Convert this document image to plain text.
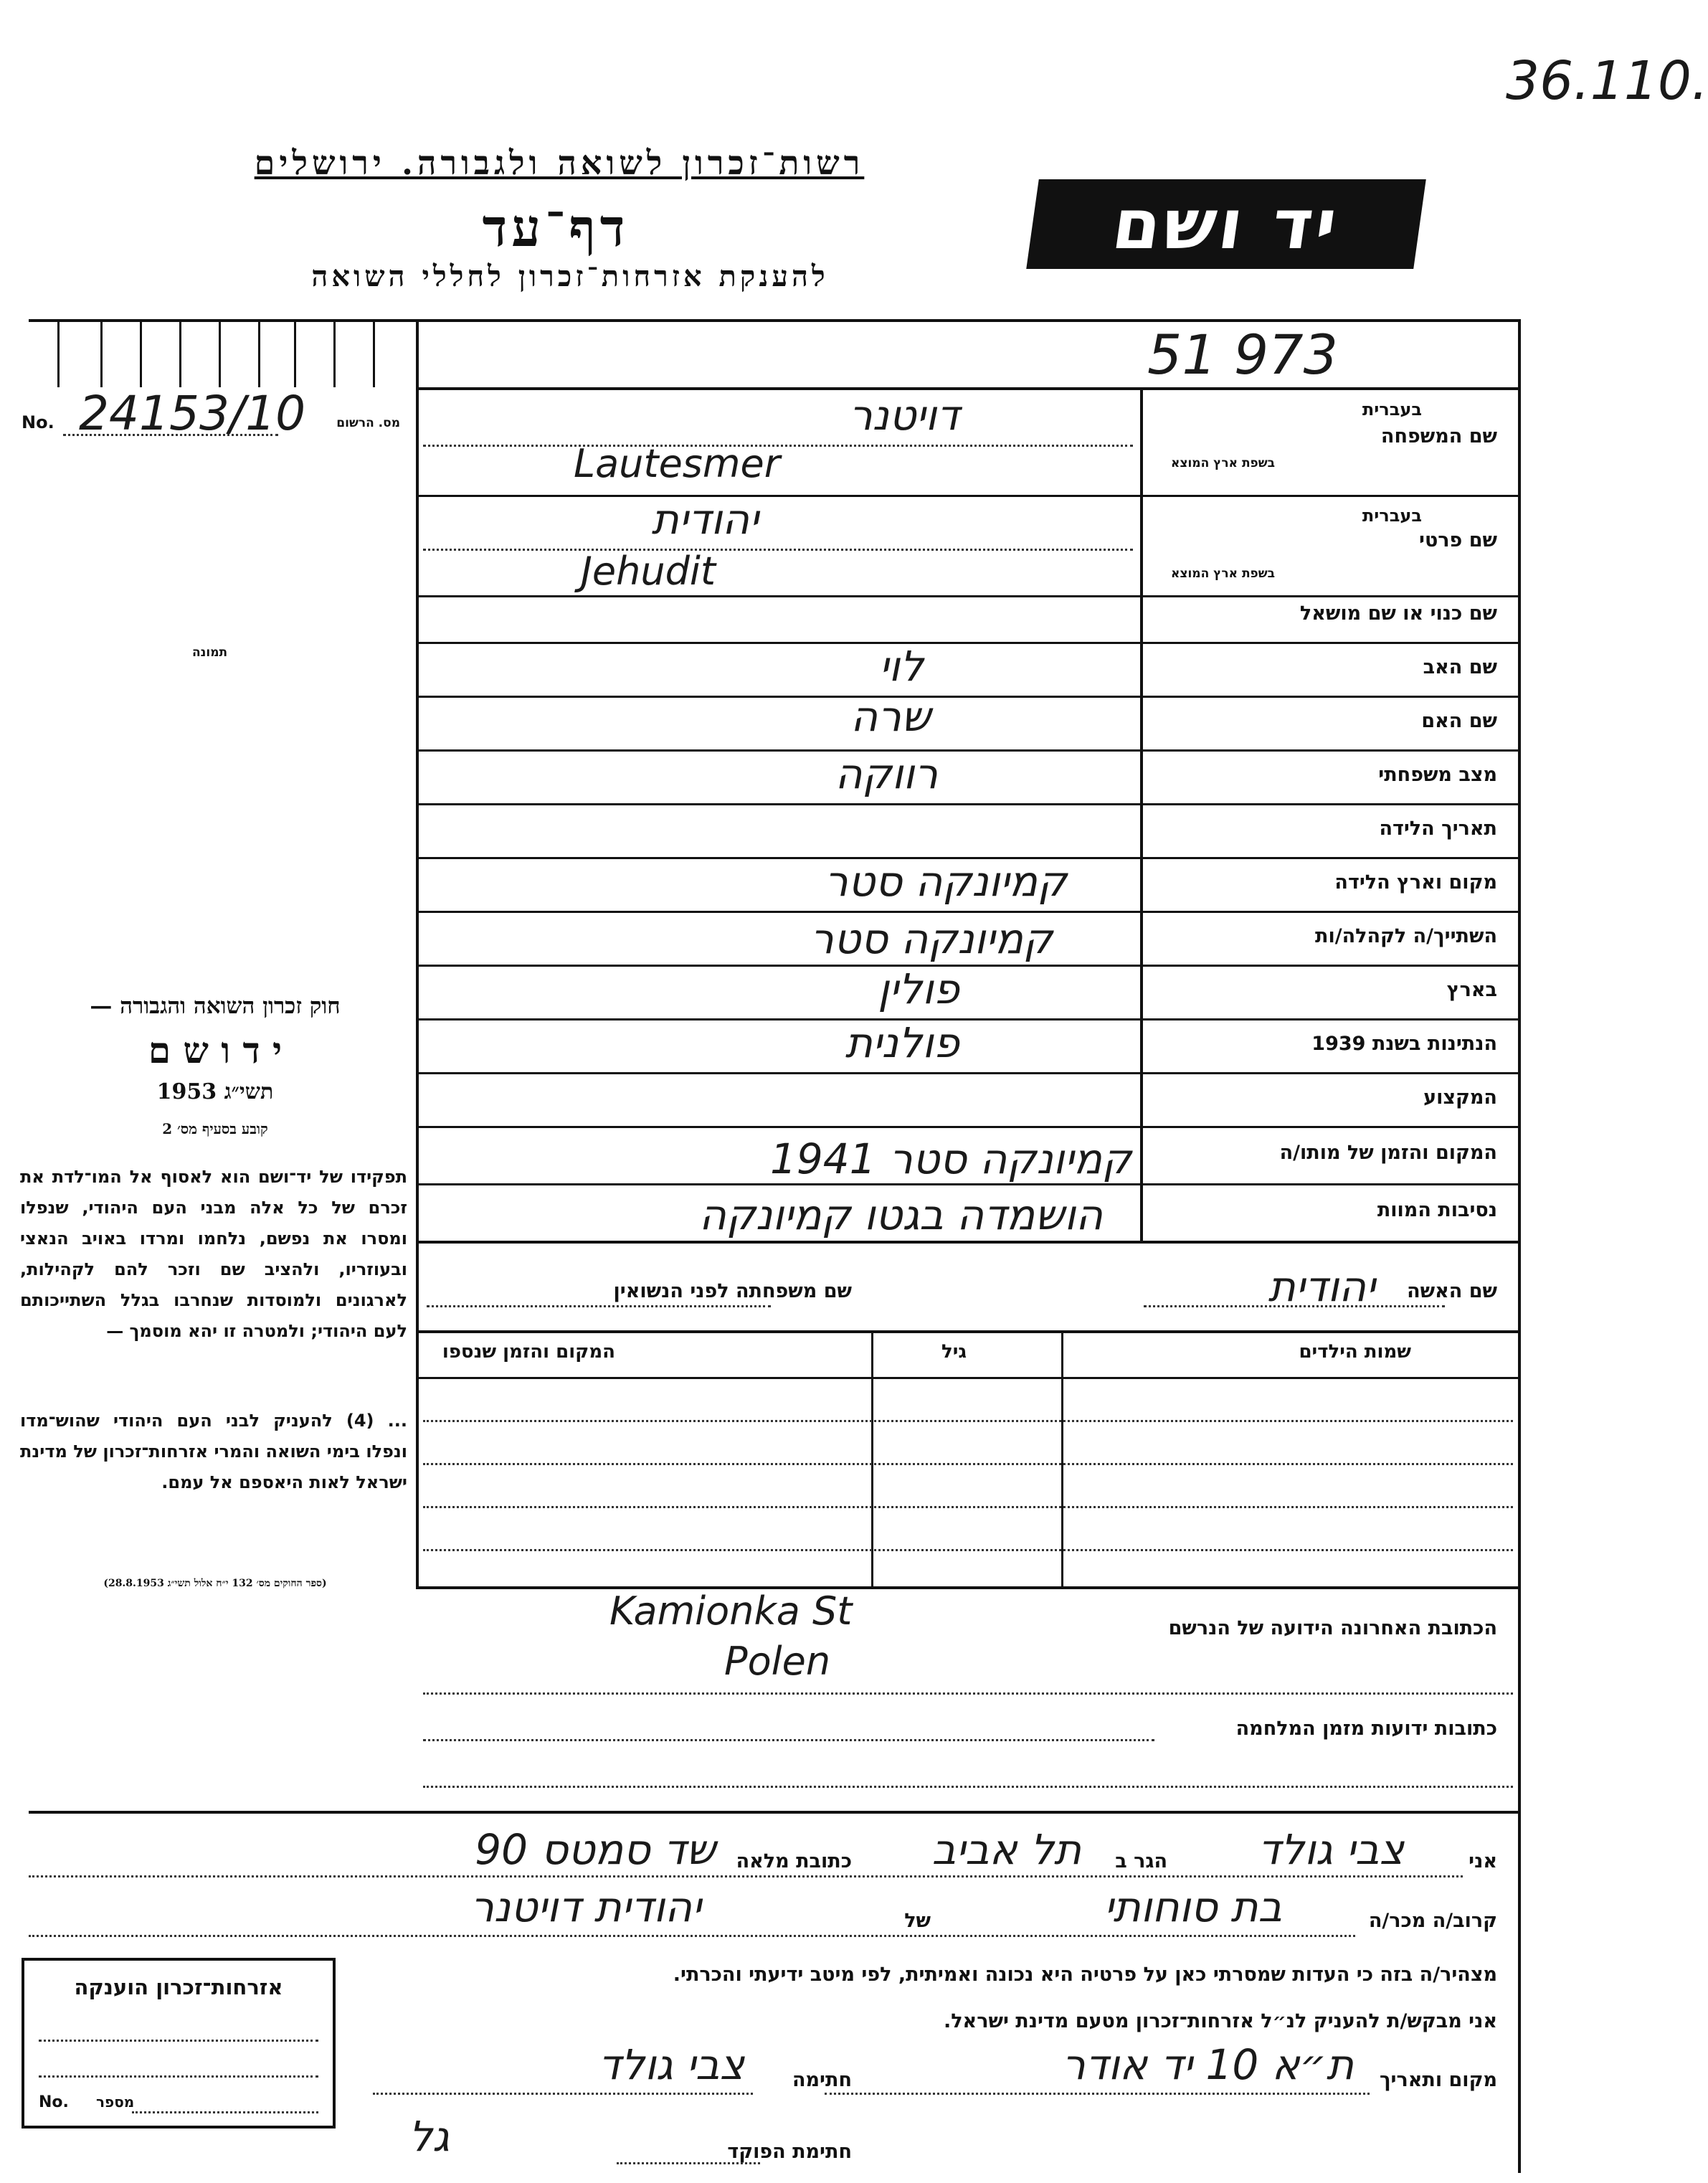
36.110.
יד ושם
רשות־זכרון לשואה ולגבורה. ירושלים
דף־עד
להענקת אזרחות־זכרון לחללי השואה
51 973
No. 24153/10	מס. הרשום
תמונה
חוק זכרון השואה והגבורה —
י ד ו ש ם
תשי״ג 1953
קובע בסעיף מס׳ 2
תפקידו של יד־ושם הוא לאסוף אל המו־לדת את זכרם של כל אלה מבני העם היהודי, שנפלו ומסרו את נפשם, נלחמו ומרדו באויב הנאצי ובעוזריו, ולהציב שם וזכר להם לקהילות, לארגונים ולמוסדות שנחרבו בגלל השתייכותם לעם היהודי; ולמטרה זו יהא מוסמך —
... (4) להעניק לבני העם היהודי שהוש־מדו ונפלו בימי השואה והמרי אזרחות־זכרון של מדינת ישראל לאות היאספם אל עמם.
(ספר החוקים מס׳ 132 י״ח אלול תשי״ג 28.8.1953)
שם המשפחה
בעברית
בשפת ארץ המוצא
דויטנר
Lautesmer
שם פרטי
בעברית
בשפת ארץ המוצא
יהודית
Jehudit
שם כנוי או שם מושאל
שם האב
לוי
שם האם
שרה
מצב משפחתי
רווקה
תאריך הלידה
מקום וארץ הלידה
קמיונקה סטר
השתייך/ה לקהלה/ות
קמיונקה סטר
בארץ
פולין
הנתינות בשנת 1939
פולנית
המקצוע
המקום והזמן של מותו/ה
קמיונקה סטר 1941
נסיבות המוות
הושמדה בגטו קמיונקה
שם האשה
יהודית
שם משפחתה לפני הנשואין
שמות הילדים
גיל
המקום והזמן שנספו
הכתובת האחרונה הידועה של הנרשם
Kamionka St
Polen
כתובות ידועות מזמן המלחמה
אני
צבי גולד
הגר ב
תל אביב
כתובת מלאה
שד סמטס 90
קרוב/ה מכר/ה
בת סוחותי
של
יהודית דויטנר
מצהיר/ה בזה כי העדות שמסרתי כאן על פרטיה היא נכונה ואמיתית, לפי מיטב ידיעתי והכרתי.
אני מבקש/ת להעניק לנ״ל אזרחות־זכרון מטעם מדינת ישראל.
מקום ותאריך
ת״א 10 יד אודר
חתימה
צבי גולד
חתימת הפוקד
גל
אזרחות־זכרון הוענקה
No. מספר
